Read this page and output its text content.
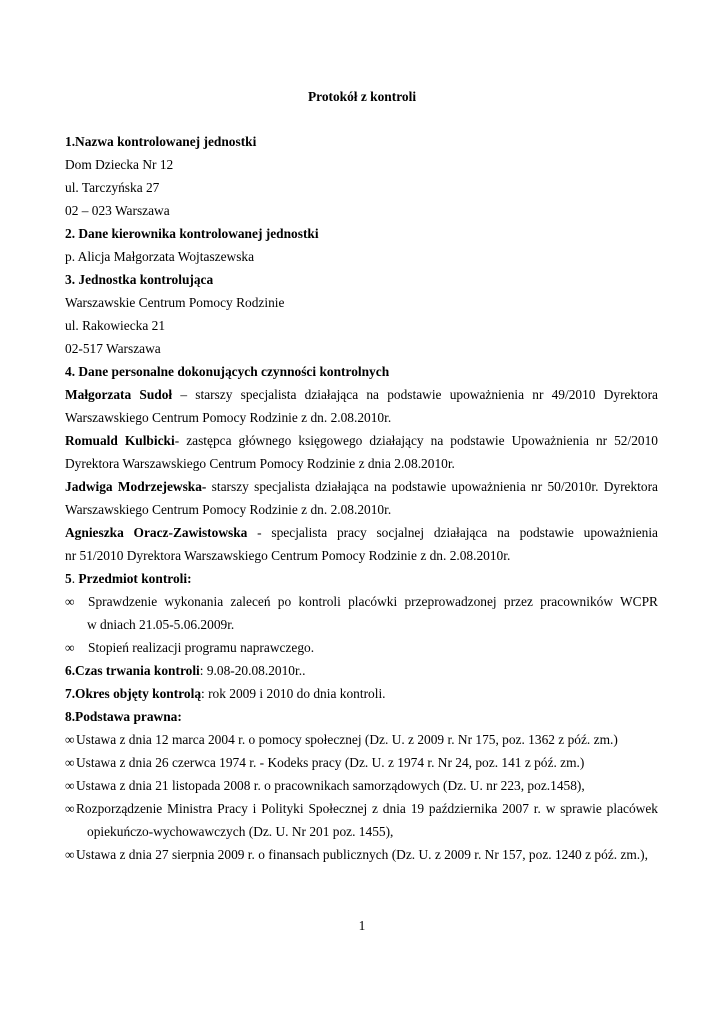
Protokół z kontroli
1.Nazwa kontrolowanej jednostki
Dom Dziecka Nr 12
ul. Tarczyńska 27
02 – 023 Warszawa
2. Dane kierownika kontrolowanej jednostki
p. Alicja Małgorzata Wojtaszewska
3. Jednostka kontrolująca
Warszawskie Centrum Pomocy Rodzinie
ul. Rakowiecka 21
02-517 Warszawa
4. Dane personalne dokonujących czynności kontrolnych
Małgorzata Sudoł – starszy specjalista działająca na podstawie upoważnienia nr 49/2010 Dyrektora
Warszawskiego Centrum Pomocy Rodzinie z dn. 2.08.2010r.
Romuald Kulbicki- zastępca głównego księgowego działający na podstawie Upoważnienia nr 52/2010
Dyrektora Warszawskiego Centrum Pomocy Rodzinie z dnia 2.08.2010r.
Jadwiga Modrzejewska- starszy specjalista działająca na podstawie upoważnienia nr 50/2010r. Dyrektora
Warszawskiego Centrum Pomocy Rodzinie z dn. 2.08.2010r.
Agnieszka Oracz-Zawistowska - specjalista pracy socjalnej działająca na podstawie upoważnienia
nr 51/2010 Dyrektora Warszawskiego Centrum Pomocy Rodzinie z dn. 2.08.2010r.
5. Przedmiot kontroli:
∞ Sprawdzenie wykonania zaleceń po kontroli placówki przeprowadzonej przez pracowników WCPR
w dniach 21.05-5.06.2009r.
∞ Stopień realizacji programu naprawczego.
6.Czas trwania kontroli: 9.08-20.08.2010r..
7.Okres objęty kontrolą: rok 2009 i 2010 do dnia kontroli.
8.Podstawa prawna:
∞Ustawa z dnia 12 marca 2004 r. o pomocy społecznej (Dz. U. z 2009 r. Nr 175, poz. 1362 z póź. zm.)
∞Ustawa z dnia 26 czerwca 1974 r. - Kodeks pracy (Dz. U. z 1974 r. Nr 24, poz. 141 z póź. zm.)
∞Ustawa z dnia 21 listopada 2008 r. o pracownikach samorządowych (Dz. U. nr 223, poz.1458),
∞Rozporządzenie Ministra Pracy i Polityki Społecznej z dnia 19 października 2007 r. w sprawie placówek
opiekuńczo-wychowawczych (Dz. U. Nr 201 poz. 1455),
∞Ustawa z dnia 27 sierpnia 2009 r. o finansach publicznych (Dz. U. z 2009 r. Nr 157, poz. 1240 z póź. zm.),
1
